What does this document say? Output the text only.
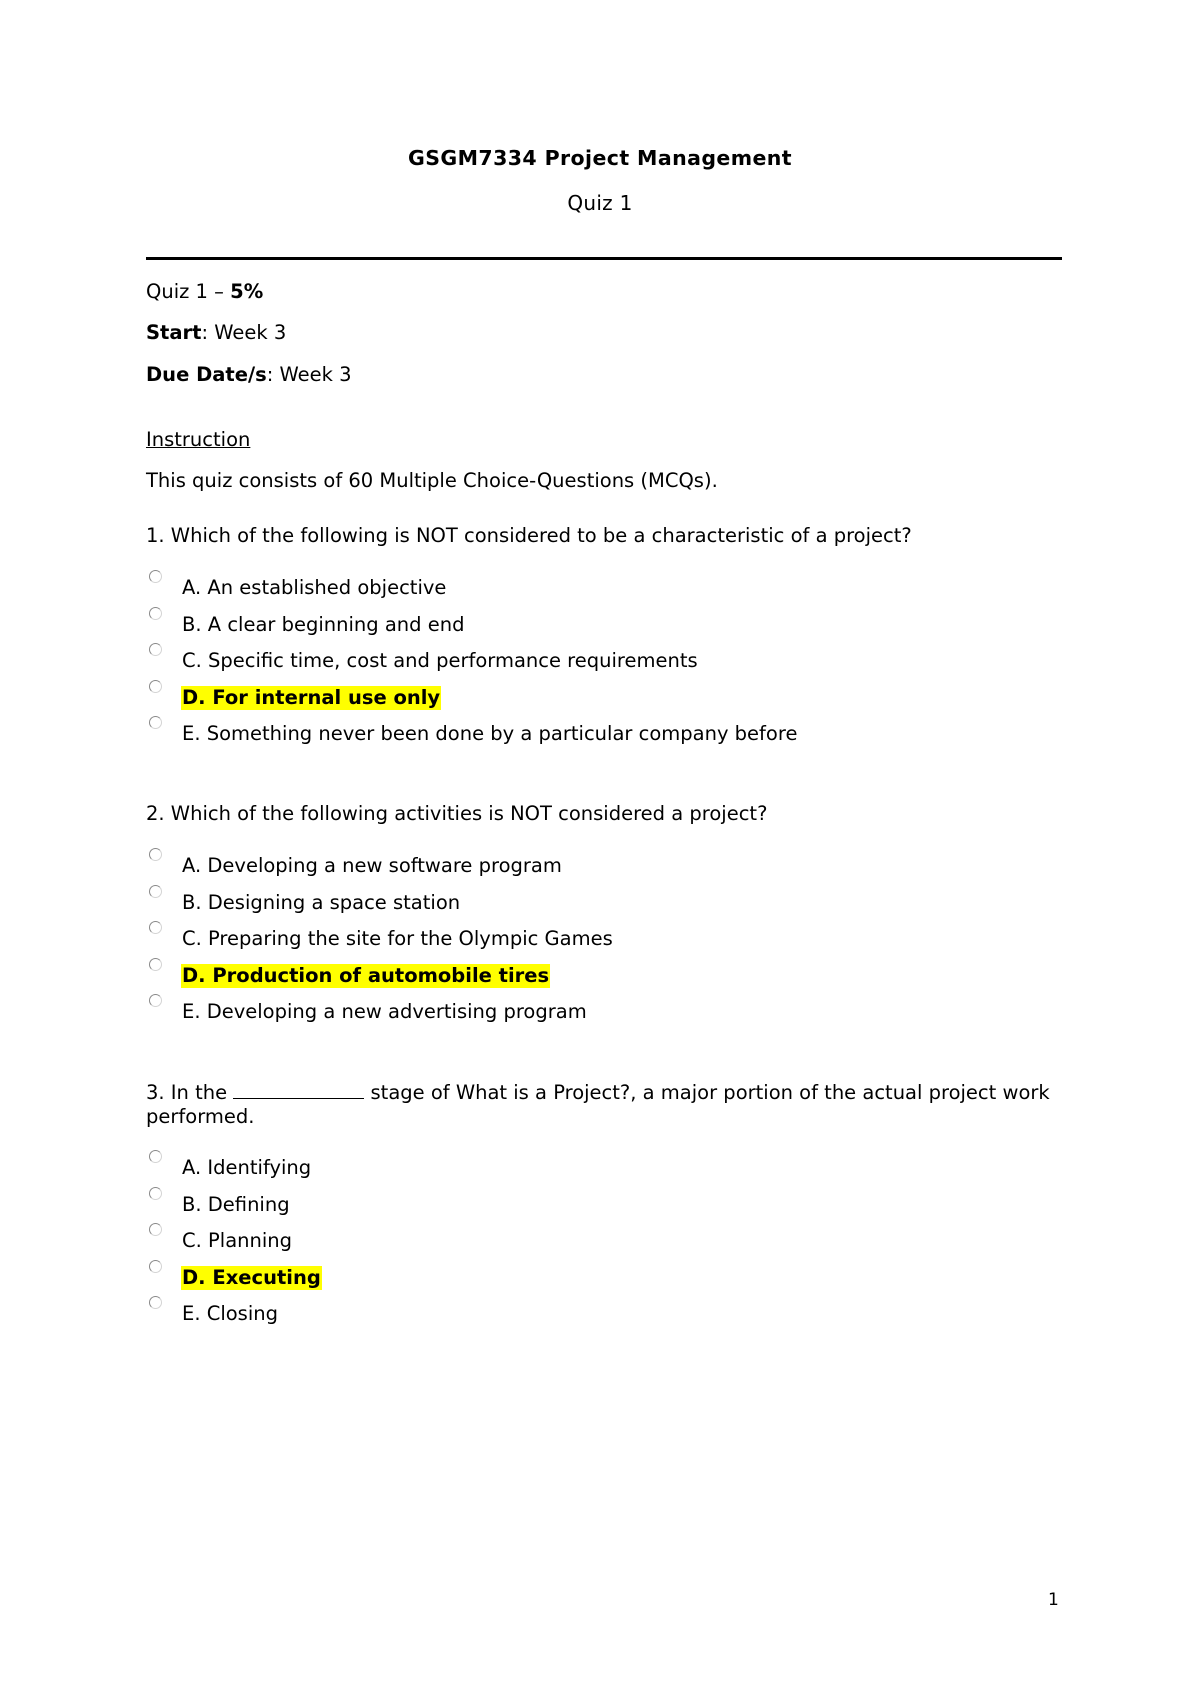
GSGM7334 Project Management
Quiz 1
Quiz 1 – 5%
Start: Week 3
Due Date/s: Week 3
Instruction
This quiz consists of 60 Multiple Choice-Questions (MCQs).
1. Which of the following is NOT considered to be a characteristic of a project?
A. An established objective
B. A clear beginning and end
C. Specific time, cost and performance requirements
D. For internal use only
E. Something never been done by a particular company before
2. Which of the following activities is NOT considered a project?
A. Developing a new software program
B. Designing a space station
C. Preparing the site for the Olympic Games
D. Production of automobile tires
E. Developing a new advertising program
3. In the	stage of What is a Project?, a major portion of the actual project work performed.
A. Identifying
B. Defining
C. Planning
D. Executing
E. Closing
1
